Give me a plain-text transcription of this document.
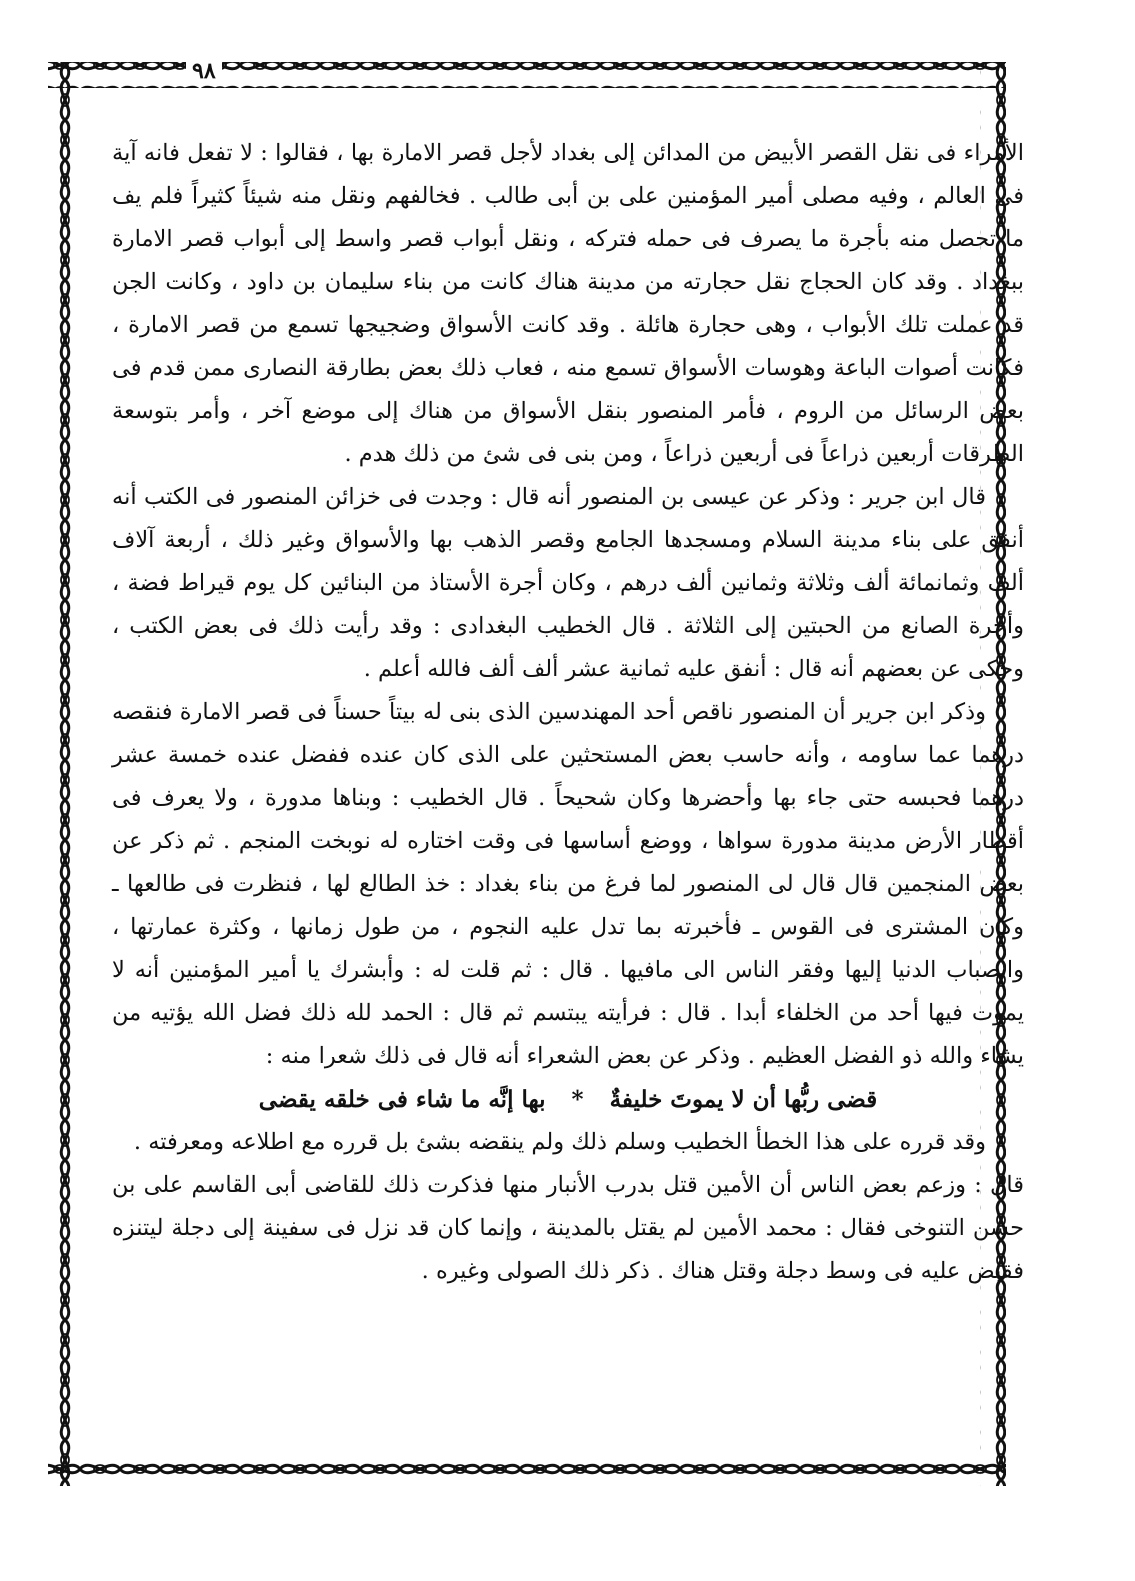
٩٨

الأمراء فى نقل القصر الأبيض من المدائن إلى بغداد لأجل قصر الامارة بها ، فقالوا : لا تفعل فانه آية فى العالم ، وفيه مصلى أمير المؤمنين على بن أبى طالب . فخالفهم ونقل منه شيئاً كثيراً فلم يف ما تحصل منه بأجرة ما يصرف فى حمله فتركه ، ونقل أبواب قصر واسط إلى أبواب قصر الامارة ببغداد . وقد كان الحجاج نقل حجارته من مدينة هناك كانت من بناء سليمان بن داود ، وكانت الجن قد عملت تلك الأبواب ، وهى حجارة هائلة . وقد كانت الأسواق وضجيجها تسمع من قصر الامارة ، فكانت أصوات الباعة وهوسات الأسواق تسمع منه ، فعاب ذلك بعض بطارقة النصارى ممن قدم فى بعض الرسائل من الروم ، فأمر المنصور بنقل الأسواق من هناك إلى موضع آخر ، وأمر بتوسعة الطرقات أربعين ذراعاً فى أربعين ذراعاً ، ومن بنى فى شئ من ذلك هدم .

قال ابن جرير : وذكر عن عيسى بن المنصور أنه قال : وجدت فى خزائن المنصور فى الكتب أنه أنفق على بناء مدينة السلام ومسجدها الجامع وقصر الذهب بها والأسواق وغير ذلك ، أربعة آلاف ألف وثمانمائة ألف وثلاثة وثمانين ألف درهم ، وكان أجرة الأستاذ من البنائين كل يوم قيراط فضة ، وأجرة الصانع من الحبتين إلى الثلاثة . قال الخطيب البغدادى : وقد رأيت ذلك فى بعض الكتب ، وحكى عن بعضهم أنه قال : أنفق عليه ثمانية عشر ألف ألف فالله أعلم .

وذكر ابن جرير أن المنصور ناقص أحد المهندسين الذى بنى له بيتاً حسناً فى قصر الامارة فنقصه درهما عما ساومه ، وأنه حاسب بعض المستحثين على الذى كان عنده ففضل عنده خمسة عشر درهما فحبسه حتى جاء بها وأحضرها وكان شحيحاً . قال الخطيب : وبناها مدورة ، ولا يعرف فى أقطار الأرض مدينة مدورة سواها ، ووضع أساسها فى وقت اختاره له نوبخت المنجم . ثم ذكر عن بعض المنجمين قال قال لى المنصور لما فرغ من بناء بغداد : خذ الطالع لها ، فنظرت فى طالعها ـ وكان المشترى فى القوس ـ فأخبرته بما تدل عليه النجوم ، من طول زمانها ، وكثرة عمارتها ، وانصباب الدنيا إليها وفقر الناس الى مافيها . قال : ثم قلت له : وأبشرك يا أمير المؤمنين أنه لا يموت فيها أحد من الخلفاء أبدا . قال : فرأيته يبتسم ثم قال : الحمد لله ذلك فضل الله يؤتيه من يشاء والله ذو الفضل العظيم . وذكر عن بعض الشعراء أنه قال فى ذلك شعرا منه :

قضى ربُّها أن لا يموتَ خليفةٌ * بها إنَّه ما شاء فى خلقه يقضى

وقد قرره على هذا الخطأ الخطيب وسلم ذلك ولم ينقضه بشئ بل قرره مع اطلاعه ومعرفته .

قال : وزعم بعض الناس أن الأمين قتل بدرب الأنبار منها فذكرت ذلك للقاضى أبى القاسم على بن حسن التنوخى فقال : محمد الأمين لم يقتل بالمدينة ، وإنما كان قد نزل فى سفينة إلى دجلة ليتنزه فقبض عليه فى وسط دجلة وقتل هناك . ذكر ذلك الصولى وغيره .
